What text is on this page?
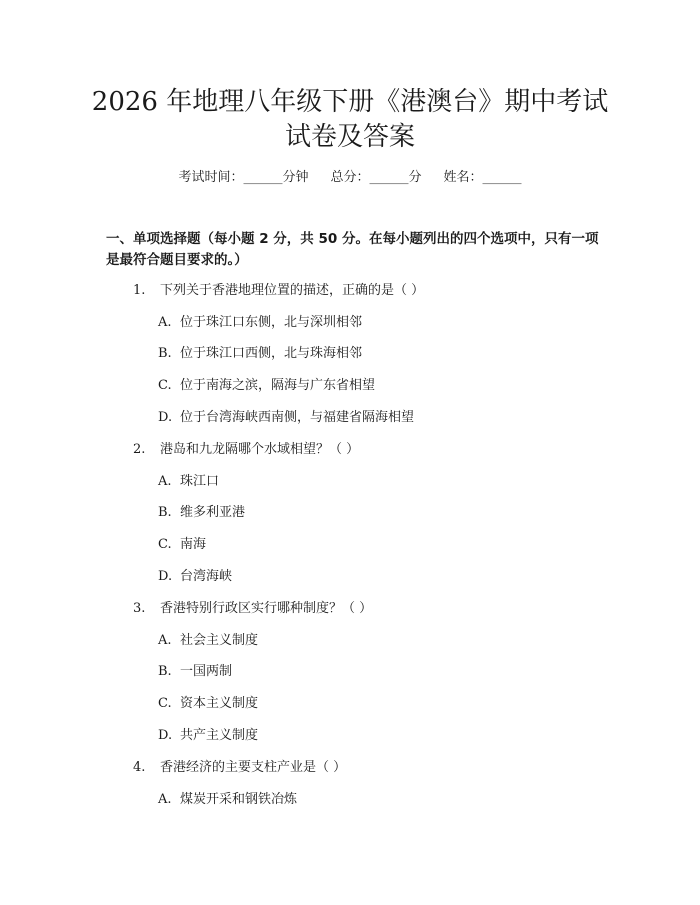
2026 年地理八年级下册《港澳台》期中考试
试卷及答案
考试时间：______分钟 总分：______分 姓名：______
一、单项选择题（每小题 2 分，共 50 分。在每小题列出的四个选项中，只有一项是最符合题目要求的。）
1. 下列关于香港地理位置的描述，正确的是（ ）
A. 位于珠江口东侧，北与深圳相邻
B. 位于珠江口西侧，北与珠海相邻
C. 位于南海之滨，隔海与广东省相望
D. 位于台湾海峡西南侧，与福建省隔海相望
2. 港岛和九龙隔哪个水域相望？（ ）
A. 珠江口
B. 维多利亚港
C. 南海
D. 台湾海峡
3. 香港特别行政区实行哪种制度？（ ）
A. 社会主义制度
B. 一国两制
C. 资本主义制度
D. 共产主义制度
4. 香港经济的主要支柱产业是（ ）
A. 煤炭开采和钢铁冶炼
